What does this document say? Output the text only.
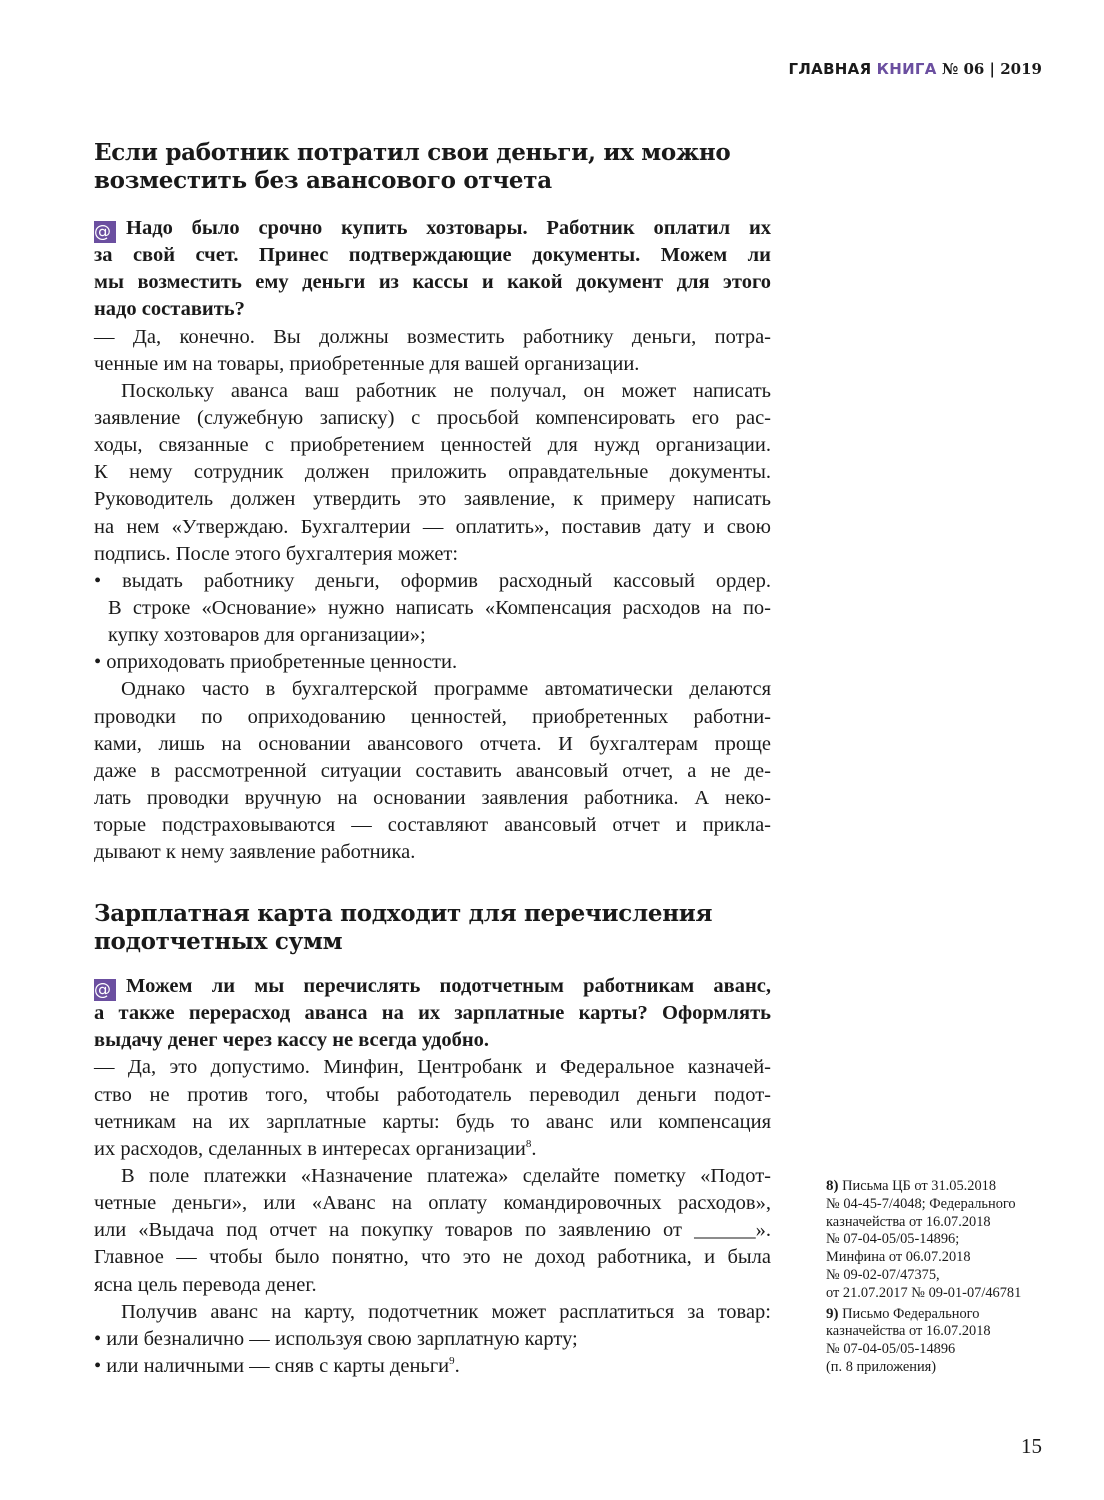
ГЛАВНАЯ КНИГА № 06 | 2019
Если работник потратил свои деньги, их можно
возместить без авансового отчета
@ Надо было срочно купить хозтовары. Работник оплатил их
за свой счет. Принес подтверждающие документы. Можем ли
мы возместить ему деньги из кассы и какой документ для этого
надо составить?
— Да, конечно. Вы должны возместить работнику деньги, потра-
ченные им на товары, приобретенные для вашей организации.
Поскольку аванса ваш работник не получал, он может написать
заявление (служебную записку) с просьбой компенсировать его рас-
ходы, связанные с приобретением ценностей для нужд организации.
К нему сотрудник должен приложить оправдательные документы.
Руководитель должен утвердить это заявление, к примеру написать
на нем «Утверждаю. Бухгалтерии — оплатить», поставив дату и свою
подпись. После этого бухгалтерия может:
• выдать работнику деньги, оформив расходный кассовый ордер.
В строке «Основание» нужно написать «Компенсация расходов на по-
купку хозтоваров для организации»;
• оприходовать приобретенные ценности.
Однако часто в бухгалтерской программе автоматически делаются
проводки по оприходованию ценностей, приобретенных работни-
ками, лишь на основании авансового отчета. И бухгалтерам проще
даже в рассмотренной ситуации составить авансовый отчет, а не де-
лать проводки вручную на основании заявления работника. А неко-
торые подстраховываются — составляют авансовый отчет и прикла-
дывают к нему заявление работника.
Зарплатная карта подходит для перечисления
подотчетных сумм
@ Можем ли мы перечислять подотчетным работникам аванс,
а также перерасход аванса на их зарплатные карты? Оформлять
выдачу денег через кассу не всегда удобно.
— Да, это допустимо. Минфин, Центробанк и Федеральное казначей-
ство не против того, чтобы работодатель переводил деньги подот-
четникам на их зарплатные карты: будь то аванс или компенсация
их расходов, сделанных в интересах организации$^8$.
В поле платежки «Назначение платежа» сделайте пометку «Подот-
четные деньги», или «Аванс на оплату командировочных расходов»,
или «Выдача под отчет на покупку товаров по заявлению от ______».
Главное — чтобы было понятно, что это не доход работника, и была
ясна цель перевода денег.
Получив аванс на карту, подотчетник может расплатиться за товар:
• или безналично — используя свою зарплатную карту;
• или наличными — сняв с карты деньги$^9$.
8) Письма ЦБ от 31.05.2018
№ 04-45-7/4048; Федерального
казначейства от 16.07.2018
№ 07-04-05/05-14896;
Минфина от 06.07.2018
№ 09-02-07/47375,
от 21.07.2017 № 09-01-07/46781
9) Письмо Федерального
казначейства от 16.07.2018
№ 07-04-05/05-14896
(п. 8 приложения)
15
